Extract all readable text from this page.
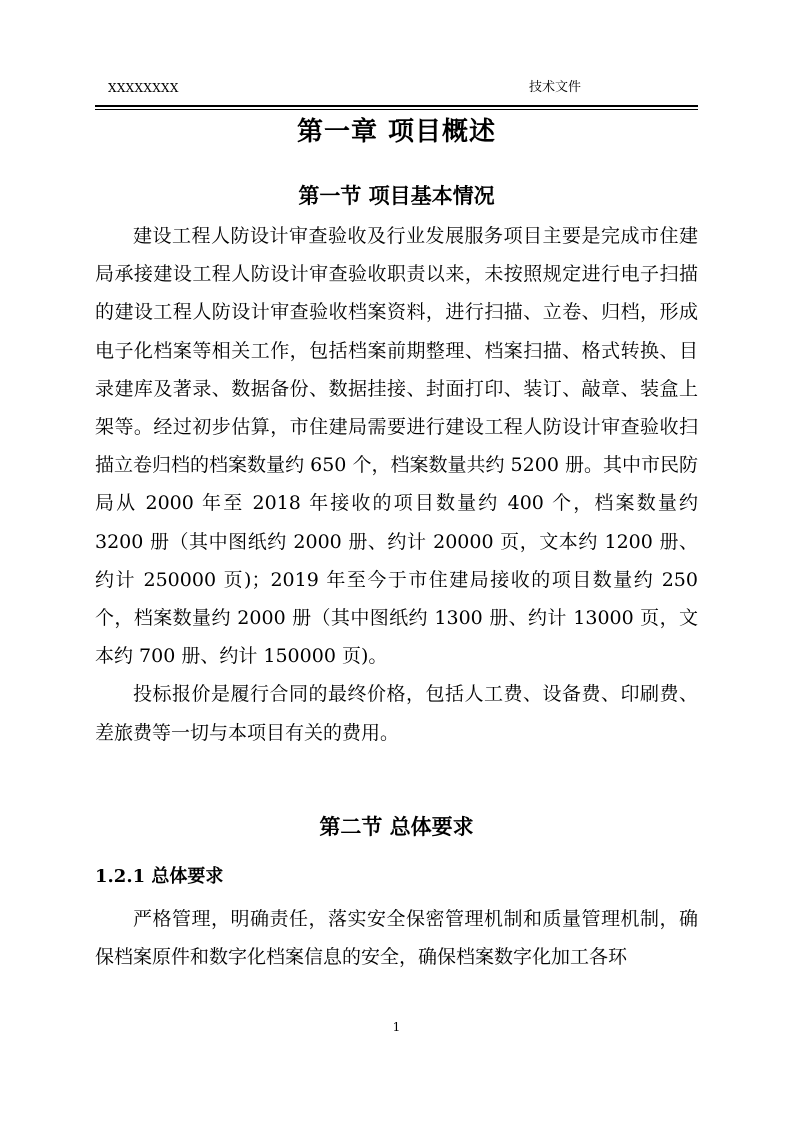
XXXXXXXX	技术文件
第一章 项目概述
第一节 项目基本情况

建设工程人防设计审查验收及行业发展服务项目主要是完成市住建局承接建设工程人防设计审查验收职责以来，未按照规定进行电子扫描的建设工程人防设计审查验收档案资料，进行扫描、立卷、归档，形成电子化档案等相关工作，包括档案前期整理、档案扫描、格式转换、目录建库及著录、数据备份、数据挂接、封面打印、装订、敲章、装盒上架等。经过初步估算，市住建局需要进行建设工程人防设计审查验收扫描立卷归档的档案数量约 650 个，档案数量共约 5200 册。其中市民防局从 2000 年至 2018 年接收的项目数量约 400 个，档案数量约 3200 册（其中图纸约 2000 册、约计 20000 页，文本约 1200 册、约计 250000 页)；2019 年至今于市住建局接收的项目数量约 250 个，档案数量约 2000 册（其中图纸约 1300 册、约计 13000 页，文本约 700 册、约计 150000 页)。

投标报价是履行合同的最终价格，包括人工费、设备费、印刷费、差旅费等一切与本项目有关的费用。

第二节 总体要求
1.2.1 总体要求

严格管理，明确责任，落实安全保密管理机制和质量管理机制，确保档案原件和数字化档案信息的安全，确保档案数字化加工各环

1
